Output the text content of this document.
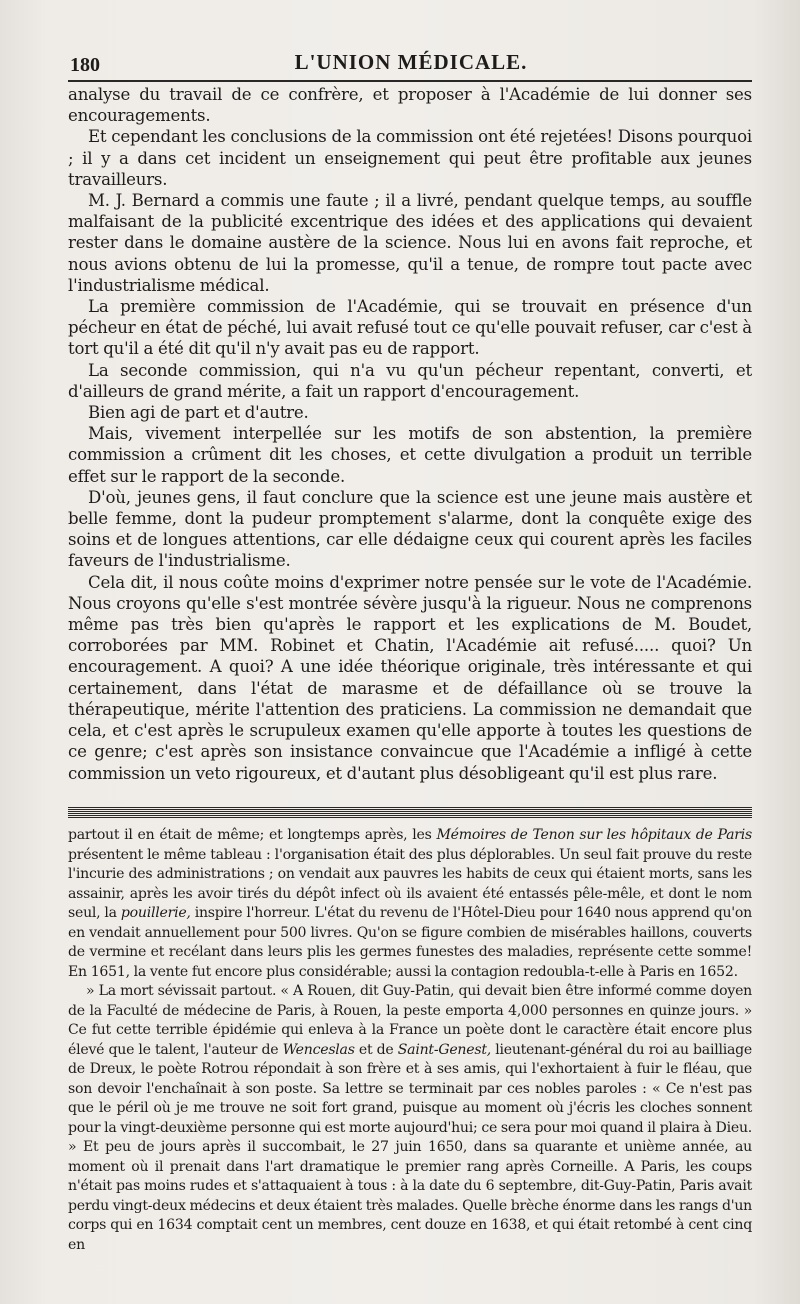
180	L'UNION MÉDICALE.

analyse du travail de ce confrère, et proposer à l'Académie de lui donner ses encouragements.

Et cependant les conclusions de la commission ont été rejetées! Disons pourquoi ; il y a dans cet incident un enseignement qui peut être profitable aux jeunes travailleurs.

M. J. Bernard a commis une faute ; il a livré, pendant quelque temps, au souffle malfaisant de la publicité excentrique des idées et des applications qui devaient rester dans le domaine austère de la science. Nous lui en avons fait reproche, et nous avions obtenu de lui la promesse, qu'il a tenue, de rompre tout pacte avec l'industrialisme médical.

La première commission de l'Académie, qui se trouvait en présence d'un pécheur en état de péché, lui avait refusé tout ce qu'elle pouvait refuser, car c'est à tort qu'il a été dit qu'il n'y avait pas eu de rapport.

La seconde commission, qui n'a vu qu'un pécheur repentant, converti, et d'ailleurs de grand mérite, a fait un rapport d'encouragement.

Bien agi de part et d'autre.

Mais, vivement interpellée sur les motifs de son abstention, la première commission a crûment dit les choses, et cette divulgation a produit un terrible effet sur le rapport de la seconde.

D'où, jeunes gens, il faut conclure que la science est une jeune mais austère et belle femme, dont la pudeur promptement s'alarme, dont la conquête exige des soins et de longues attentions, car elle dédaigne ceux qui courent après les faciles faveurs de l'industrialisme.

Cela dit, il nous coûte moins d'exprimer notre pensée sur le vote de l'Académie. Nous croyons qu'elle s'est montrée sévère jusqu'à la rigueur. Nous ne comprenons même pas très bien qu'après le rapport et les explications de M. Boudet, corroborées par MM. Robinet et Chatin, l'Académie ait refusé..... quoi? Un encouragement. A quoi? A une idée théorique originale, très intéressante et qui certainement, dans l'état de marasme et de défaillance où se trouve la thérapeutique, mérite l'attention des praticiens. La commission ne demandait que cela, et c'est après le scrupuleux examen qu'elle apporte à toutes les questions de ce genre; c'est après son insistance convaincue que l'Académie a infligé à cette commission un veto rigoureux, et d'autant plus désobligeant qu'il est plus rare.

partout il en était de même; et longtemps après, les Mémoires de Tenon sur les hôpitaux de Paris présentent le même tableau : l'organisation était des plus déplorables. Un seul fait prouve du reste l'incurie des administrations ; on vendait aux pauvres les habits de ceux qui étaient morts, sans les assainir, après les avoir tirés du dépôt infect où ils avaient été entassés pêle-mêle, et dont le nom seul, la pouillerie, inspire l'horreur. L'état du revenu de l'Hôtel-Dieu pour 1640 nous apprend qu'on en vendait annuellement pour 500 livres. Qu'on se figure combien de misérables haillons, couverts de vermine et recélant dans leurs plis les germes funestes des maladies, représente cette somme! En 1651, la vente fut encore plus considérable; aussi la contagion redoubla-t-elle à Paris en 1652.

» La mort sévissait partout. « A Rouen, dit Guy-Patin, qui devait bien être informé comme doyen de la Faculté de médecine de Paris, à Rouen, la peste emporta 4,000 personnes en quinze jours. » Ce fut cette terrible épidémie qui enleva à la France un poète dont le caractère était encore plus élevé que le talent, l'auteur de Wenceslas et de Saint-Genest, lieutenant-général du roi au bailliage de Dreux, le poète Rotrou répondait à son frère et à ses amis, qui l'exhortaient à fuir le fléau, que son devoir l'enchaînait à son poste. Sa lettre se terminait par ces nobles paroles : « Ce n'est pas que le péril où je me trouve ne soit fort grand, puisque au moment où j'écris les cloches sonnent pour la vingt-deuxième personne qui est morte aujourd'hui; ce sera pour moi quand il plaira à Dieu. » Et peu de jours après il succombait, le 27 juin 1650, dans sa quarante et unième année, au moment où il prenait dans l'art dramatique le premier rang après Corneille. A Paris, les coups n'était pas moins rudes et s'attaquaient à tous : à la date du 6 septembre, dit-Guy-Patin, Paris avait perdu vingt-deux médecins et deux étaient très malades. Quelle brèche énorme dans les rangs d'un corps qui en 1634 comptait cent un membres, cent douze en 1638, et qui était retombé à cent cinq en
